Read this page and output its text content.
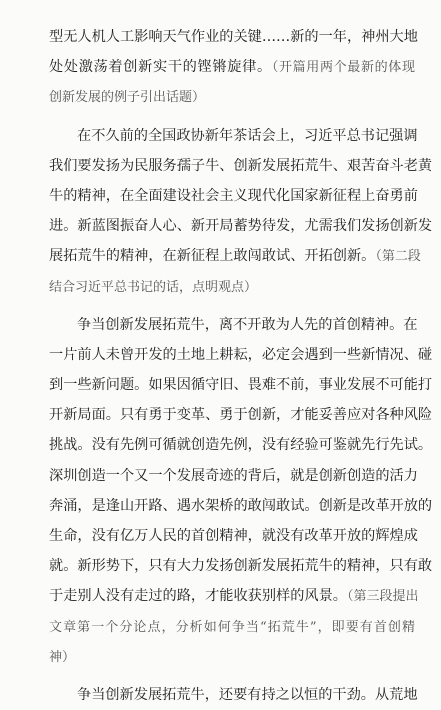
型无人机人工影响天气作业的关键……新的一年，神州大地
处处激荡着创新实干的铿锵旋律。（开篇用两个最新的体现
创新发展的例子引出话题）
在不久前的全国政协新年茶话会上，习近平总书记强调
我们要发扬为民服务孺子牛、创新发展拓荒牛、艰苦奋斗老黄
牛的精神，在全面建设社会主义现代化国家新征程上奋勇前
进。新蓝图振奋人心、新开局蓄势待发，尤需我们发扬创新发
展拓荒牛的精神，在新征程上敢闯敢试、开拓创新。（第二段
结合习近平总书记的话，点明观点）
争当创新发展拓荒牛，离不开敢为人先的首创精神。在
一片前人未曾开发的土地上耕耘，必定会遇到一些新情况、碰
到一些新问题。如果因循守旧、畏难不前，事业发展不可能打
开新局面。只有勇于变革、勇于创新，才能妥善应对各种风险
挑战。没有先例可循就创造先例，没有经验可鉴就先行先试。
深圳创造一个又一个发展奇迹的背后，就是创新创造的活力
奔涌，是逢山开路、遇水架桥的敢闯敢试。创新是改革开放的
生命，没有亿万人民的首创精神，就没有改革开放的辉煌成
就。新形势下，只有大力发扬创新发展拓荒牛的精神，只有敢
于走别人没有走过的路，才能收获别样的风景。（第三段提出
文章第一个分论点，分析如何争当“拓荒牛”，即要有首创精
神）
争当创新发展拓荒牛，还要有持之以恒的干劲。从荒地
